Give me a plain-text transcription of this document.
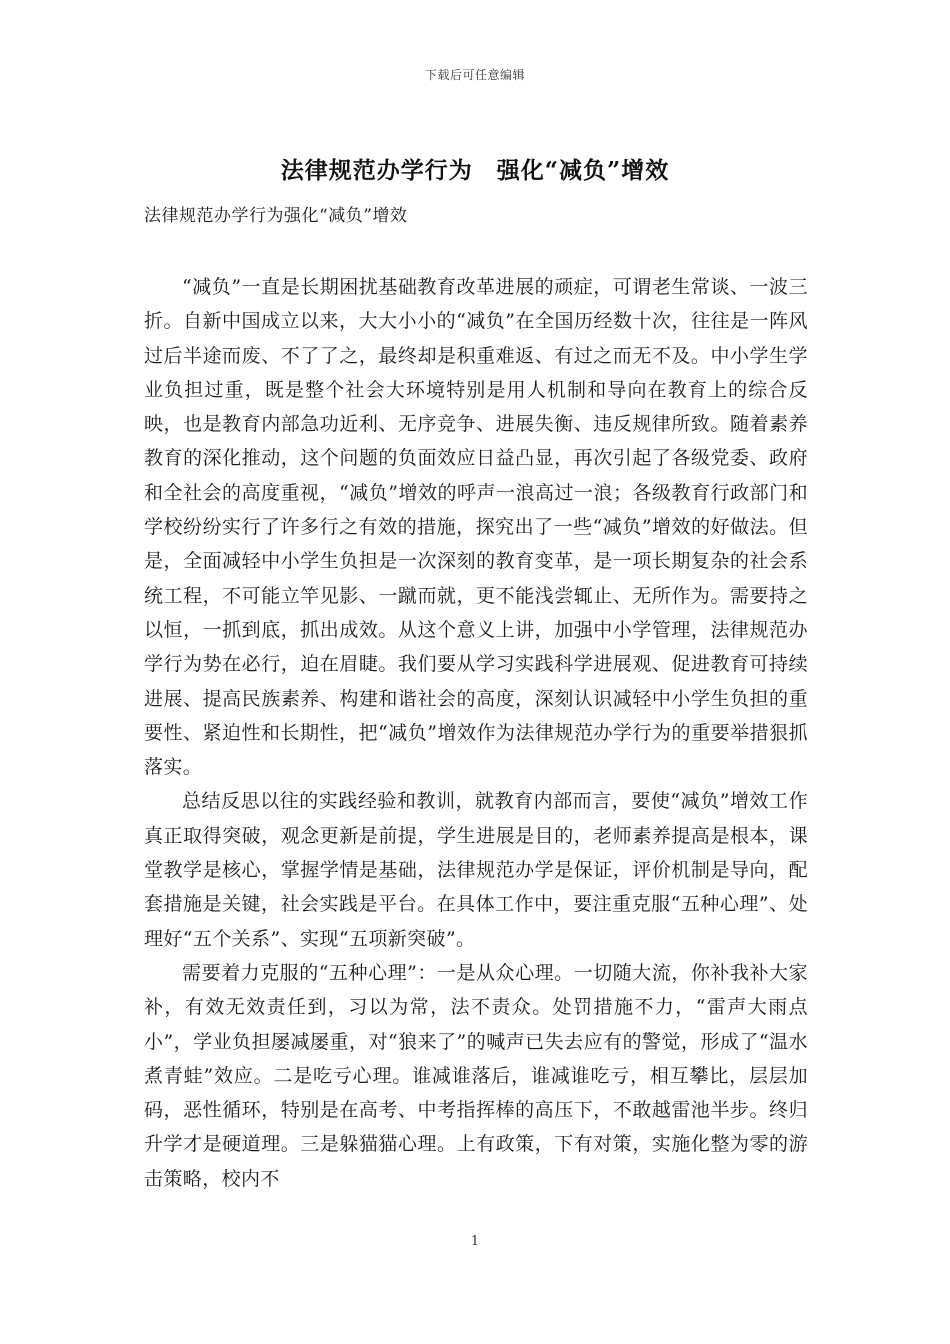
下载后可任意编辑
法律规范办学行为　强化“减负”增效
法律规范办学行为强化“减负”增效

“减负”一直是长期困扰基础教育改革进展的顽症，可谓老生常谈、一波三折。自新中国成立以来，大大小小的“减负”在全国历经数十次，往往是一阵风过后半途而废、不了了之，最终却是积重难返、有过之而无不及。中小学生学业负担过重，既是整个社会大环境特别是用人机制和导向在教育上的综合反映，也是教育内部急功近利、无序竞争、进展失衡、违反规律所致。随着素养教育的深化推动，这个问题的负面效应日益凸显，再次引起了各级党委、政府和全社会的高度重视，“减负”增效的呼声一浪高过一浪；各级教育行政部门和学校纷纷实行了许多行之有效的措施，探究出了一些“减负”增效的好做法。但是，全面减轻中小学生负担是一次深刻的教育变革，是一项长期复杂的社会系统工程，不可能立竿见影、一蹴而就，更不能浅尝辄止、无所作为。需要持之以恒，一抓到底，抓出成效。从这个意义上讲，加强中小学管理，法律规范办学行为势在必行，迫在眉睫。我们要从学习实践科学进展观、促进教育可持续进展、提高民族素养、构建和谐社会的高度，深刻认识减轻中小学生负担的重要性、紧迫性和长期性，把“减负”增效作为法律规范办学行为的重要举措狠抓落实。

总结反思以往的实践经验和教训，就教育内部而言，要使“减负”增效工作真正取得突破，观念更新是前提，学生进展是目的，老师素养提高是根本，课堂教学是核心，掌握学情是基础，法律规范办学是保证，评价机制是导向，配套措施是关键，社会实践是平台。在具体工作中，要注重克服“五种心理”、处理好“五个关系”、实现“五项新突破”。

需要着力克服的“五种心理”：一是从众心理。一切随大流，你补我补大家补，有效无效责任到，习以为常，法不责众。处罚措施不力，“雷声大雨点小”，学业负担屡减屡重，对“狼来了”的喊声已失去应有的警觉，形成了“温水煮青蛙”效应。二是吃亏心理。谁减谁落后，谁减谁吃亏，相互攀比，层层加码，恶性循环，特别是在高考、中考指挥棒的高压下，不敢越雷池半步。终归升学才是硬道理。三是躲猫猫心理。上有政策，下有对策，实施化整为零的游击策略，校内不

1
